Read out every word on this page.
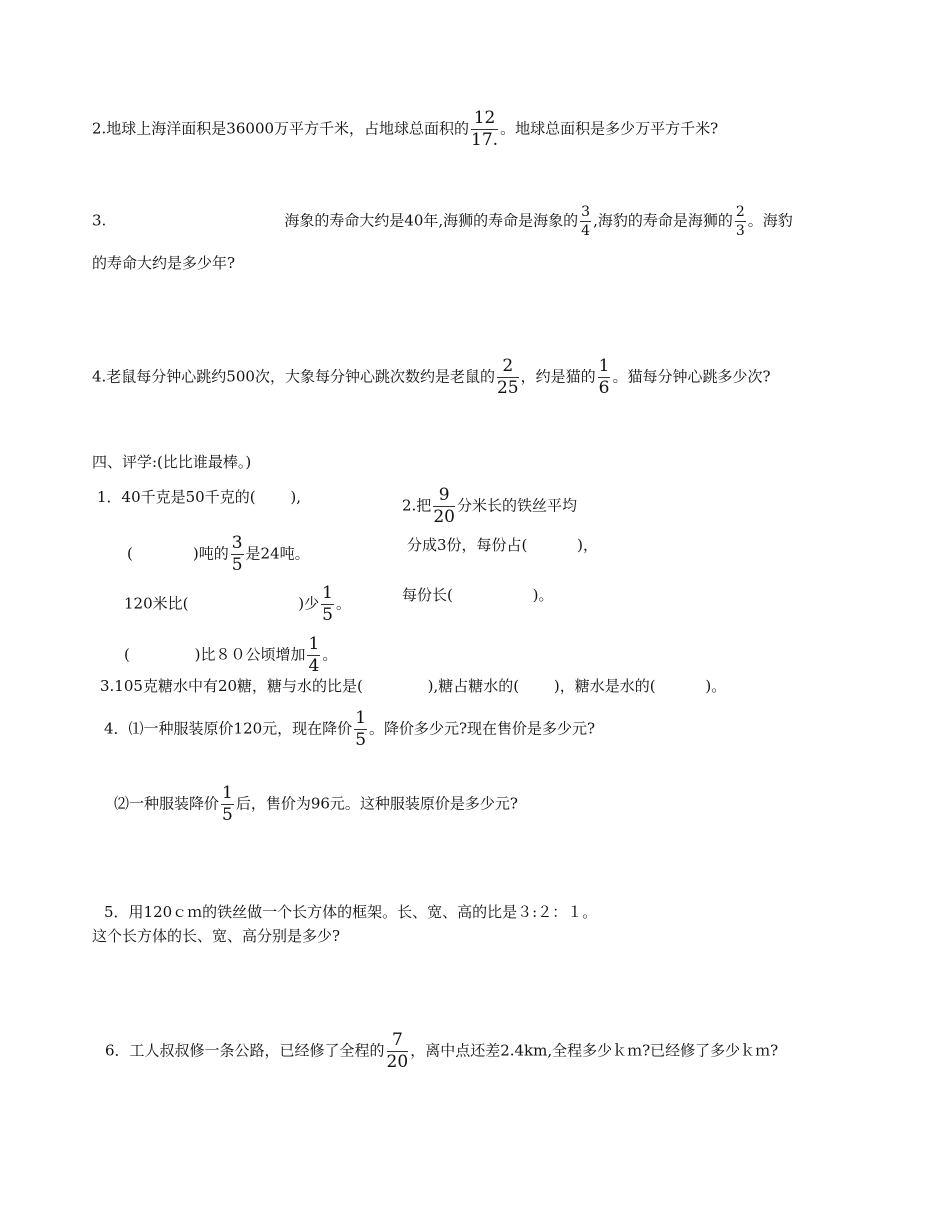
2.地球上海洋面积是36000万平方千米，占地球总面积的 $\frac{12}{17.}$ 。地球总面积是多少万平方千米?
3.	海象的寿命大约是40年,海狮的寿命是海象的 $\frac{3}{4}$ ,海豹的寿命是海狮的 $\frac{2}{3}$ 。海豹
的寿命大约是多少年?
4.老鼠每分钟心跳约500次，大象每分钟心跳次数约是老鼠的 $\frac{2}{25}$ ，约是猫的 $\frac{1}{6}$ 。猫每分钟心跳多少次?
四、评学:(比比谁最棒。)
1．40千克是50千克的(　　 ),
(　　　　)吨的 $\frac{3}{5}$ 是24吨。
120米比(　　　　　　　 )少 $\frac{1}{5}$ 。
(　　　　 )比８０公顷增加 $\frac{1}{4}$ 。
2.把 $\frac{9}{20}$ 分米长的铁丝平均
分成3份，每份占(　　　 )，
每份长(　　　　　 )。
3.105克糖水中有20糖，糖与水的比是(　　　　 ),糖占糖水的(　　 )，糖水是水的(　　　 )。
4．⑴一种服装原价120元，现在降价 $\frac{1}{5}$ 。降价多少元?现在售价是多少元?
⑵一种服装降价 $\frac{1}{5}$ 后，售价为96元。这种服装原价是多少元?
5．用120ｃｍ的铁丝做一个长方体的框架。长、宽、高的比是３:２：１。
这个长方体的长、宽、高分别是多少?
6．工人叔叔修一条公路，已经修了全程的 $\frac{7}{20}$ ，离中点还差2.4km,全程多少ｋｍ?已经修了多少ｋｍ?
